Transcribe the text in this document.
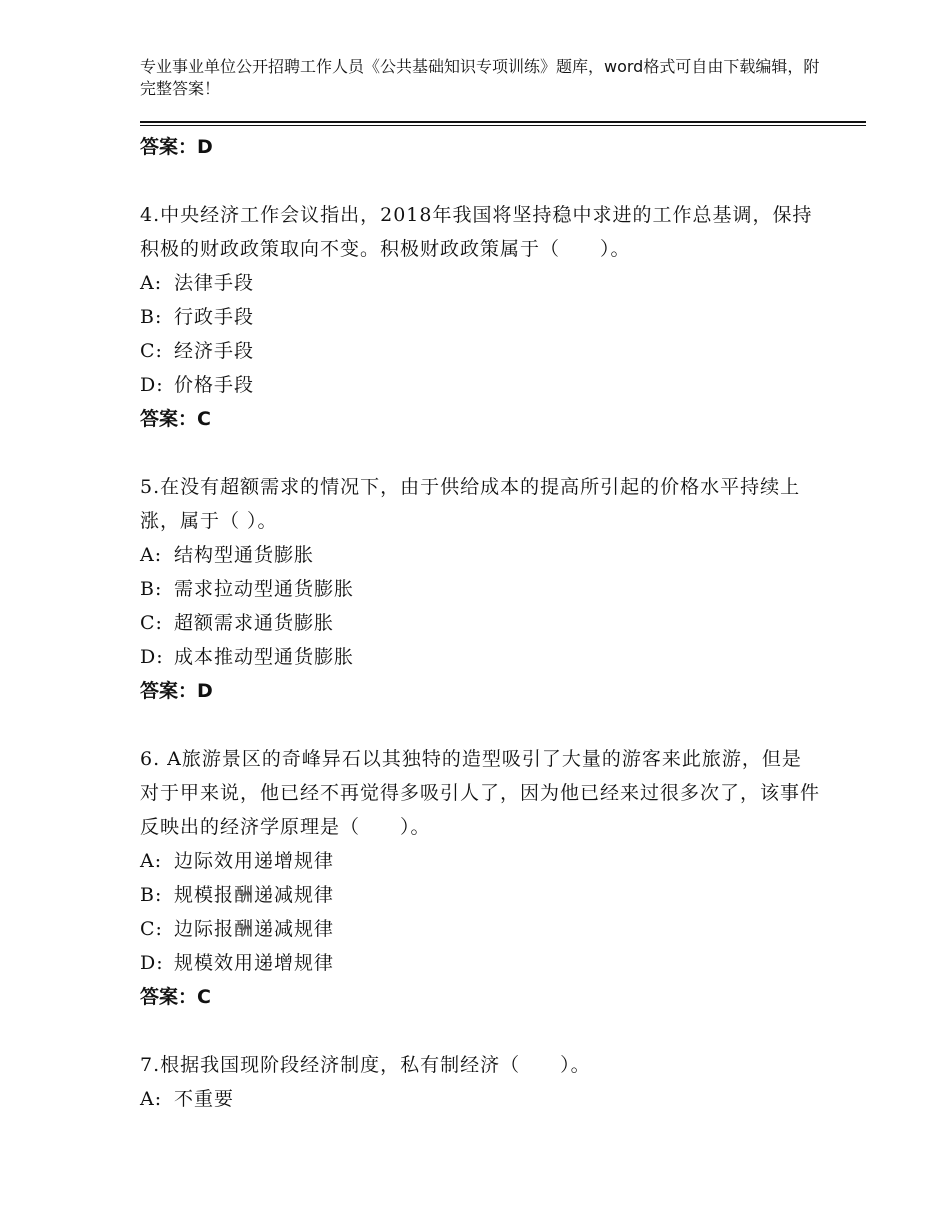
专业事业单位公开招聘工作人员《公共基础知识专项训练》题库，word格式可自由下载编辑，附完整答案！
答案：D
4.中央经济工作会议指出，2018年我国将坚持稳中求进的工作总基调，保持积极的财政政策取向不变。积极财政政策属于（　　）。
A: 法律手段
B: 行政手段
C: 经济手段
D: 价格手段
答案：C
5.在没有超额需求的情况下，由于供给成本的提高所引起的价格水平持续上涨，属于（ ）。
A: 结构型通货膨胀
B: 需求拉动型通货膨胀
C: 超额需求通货膨胀
D: 成本推动型通货膨胀
答案：D
6. A旅游景区的奇峰异石以其独特的造型吸引了大量的游客来此旅游，但是对于甲来说，他已经不再觉得多吸引人了，因为他已经来过很多次了，该事件反映出的经济学原理是（　　）。
A: 边际效用递增规律
B: 规模报酬递减规律
C: 边际报酬递减规律
D: 规模效用递增规律
答案：C
7.根据我国现阶段经济制度，私有制经济（　　）。
A: 不重要
